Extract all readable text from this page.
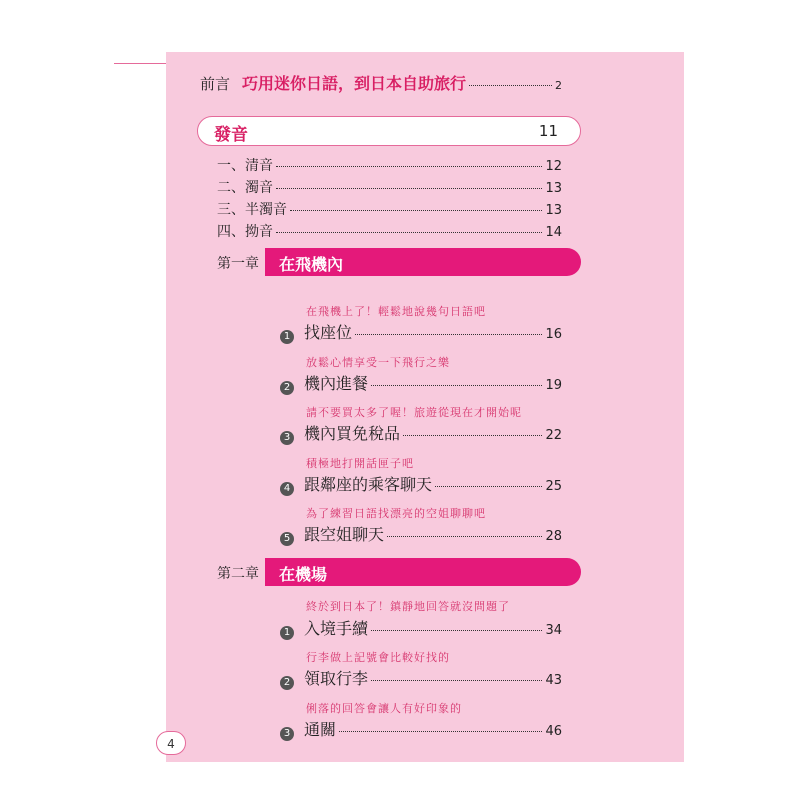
前言 巧用迷你日語，到日本自助旅行	2
發音	11
一、清音	12
二、濁音	13
三、半濁音	13
四、拗音	14
第一章 在飛機內
在飛機上了！輕鬆地說幾句日語吧
1 找座位	16
放鬆心情享受一下飛行之樂
2 機內進餐	19
請不要買太多了喔！旅遊從現在才開始呢
3 機內買免稅品	22
積極地打開話匣子吧
4 跟鄰座的乘客聊天	25
為了練習日語找漂亮的空姐聊聊吧
5 跟空姐聊天	28
第二章 在機場
終於到日本了！鎮靜地回答就沒問題了
1 入境手續	34
行李做上記號會比較好找的
2 領取行李	43
俐落的回答會讓人有好印象的
3 通關	46
4
